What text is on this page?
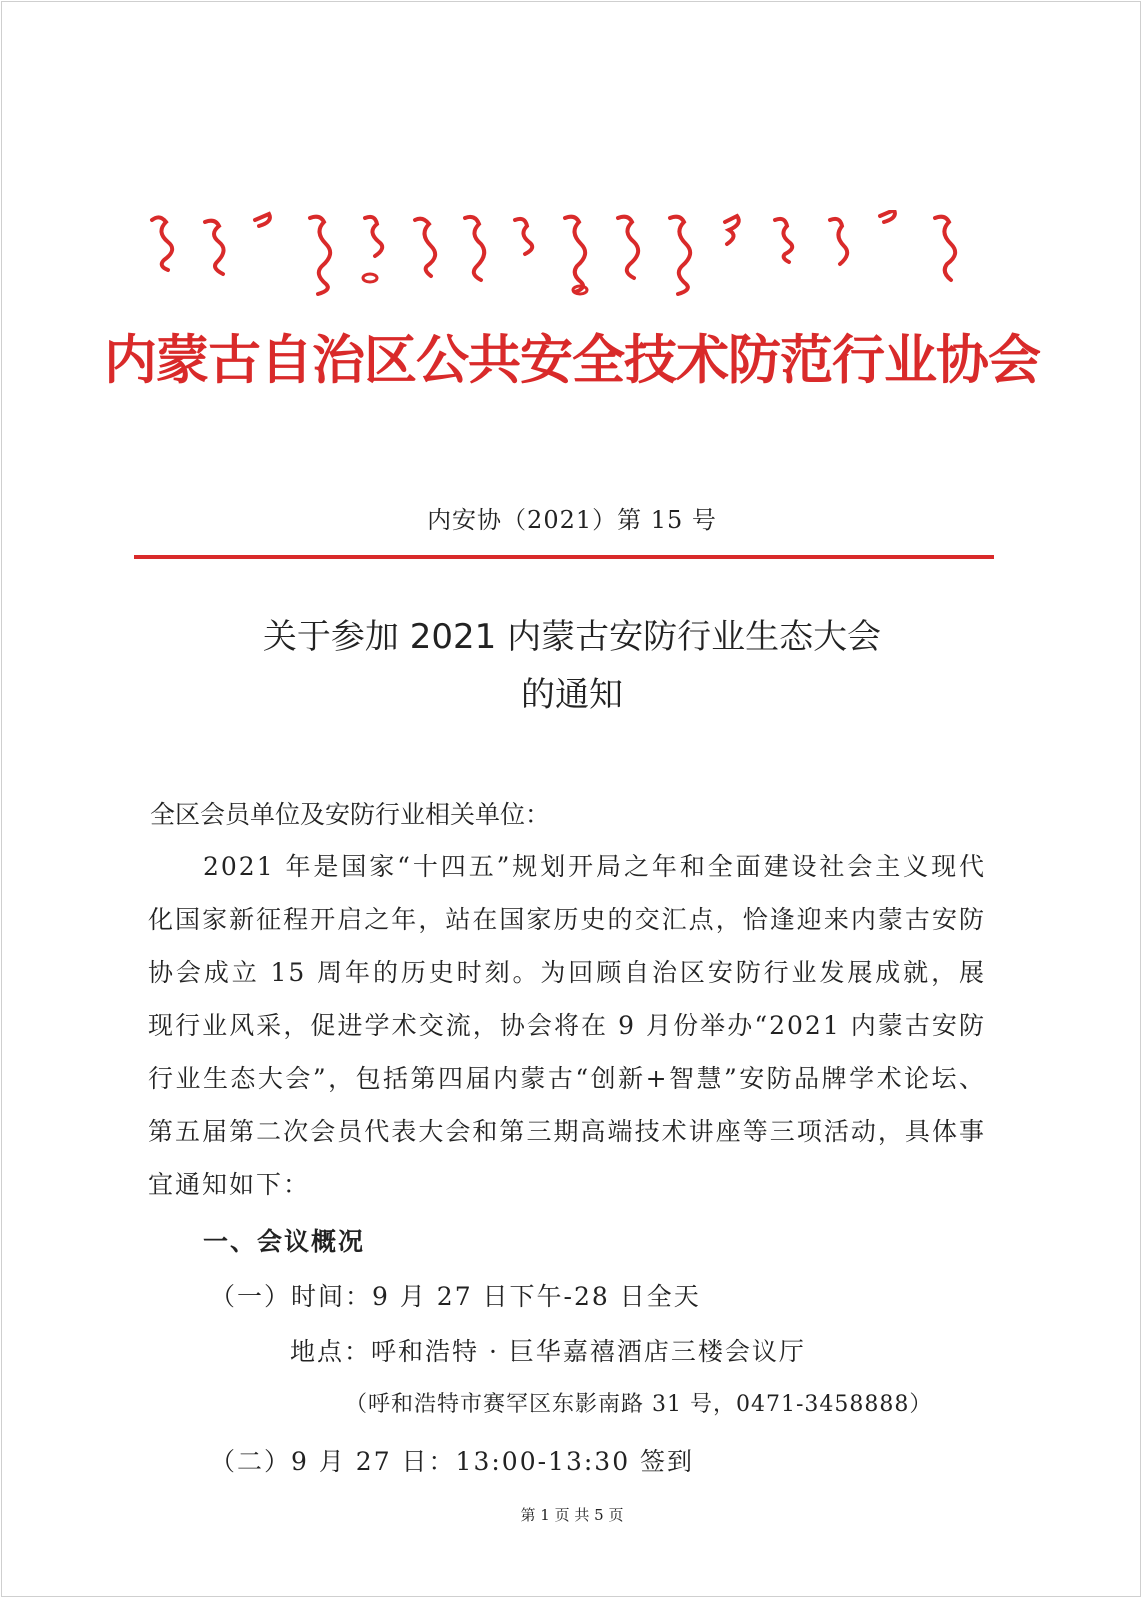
内蒙古自治区公共安全技术防范行业协会
内安协（2021）第 15 号
关于参加 2021 内蒙古安防行业生态大会
的通知
全区会员单位及安防行业相关单位：

2021 年是国家“十四五”规划开局之年和全面建设社会主义现代化国家新征程开启之年，站在国家历史的交汇点，恰逢迎来内蒙古安防协会成立 15 周年的历史时刻。为回顾自治区安防行业发展成就，展现行业风采，促进学术交流，协会将在 9 月份举办“2021 内蒙古安防行业生态大会”，包括第四届内蒙古“创新+智慧”安防品牌学术论坛、第五届第二次会员代表大会和第三期高端技术讲座等三项活动，具体事宜通知如下：

一、会议概况
（一）时间：9 月 27 日下午-28 日全天
地点：呼和浩特 · 巨华嘉禧酒店三楼会议厅
（呼和浩特市赛罕区东影南路 31 号，0471-3458888）
（二）9 月 27 日：13:00-13:30 签到
第 1 页 共 5 页
